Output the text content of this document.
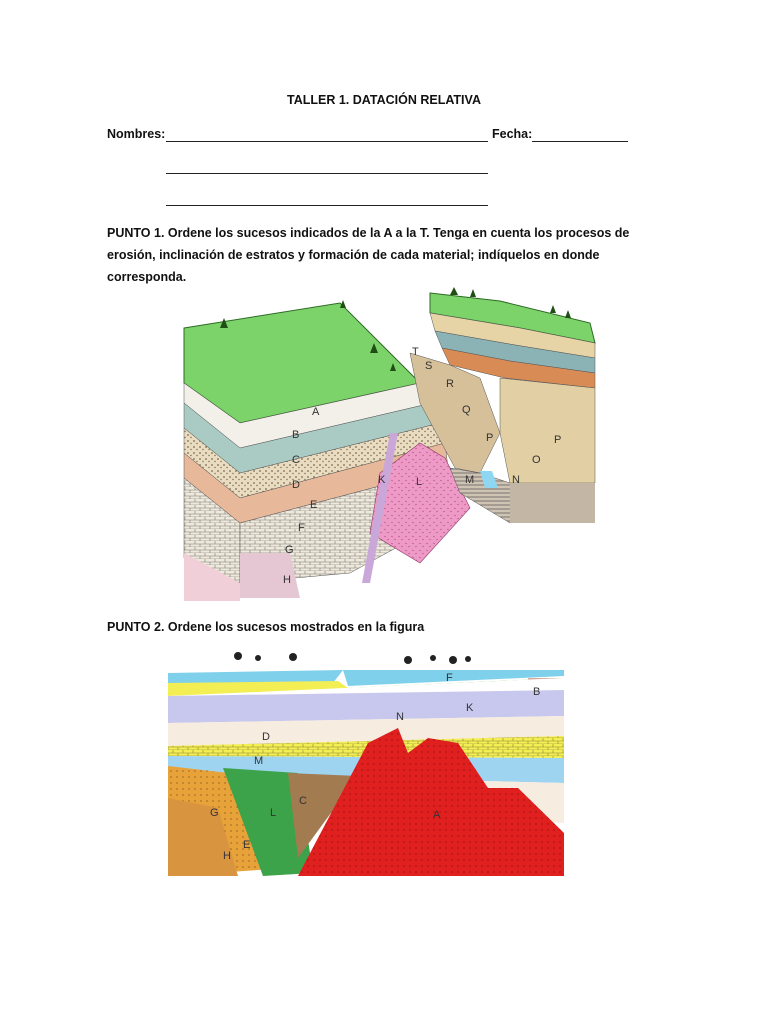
TALLER 1. DATACIÓN RELATIVA
Nombres:	Fecha:
PUNTO 1. Ordene los sucesos indicados de la A a la T. Tenga en cuenta los procesos de erosión, inclinación de estratos y formación de cada material; indíquelos en donde corresponda.
A
B
C
D
E
F
G
H
K	L	M	N
O
P	P
Q
R
S
T
PUNTO 2. Ordene los sucesos mostrados en la figura
A
B
C
D
E
F
G
H
K
L
M
N
